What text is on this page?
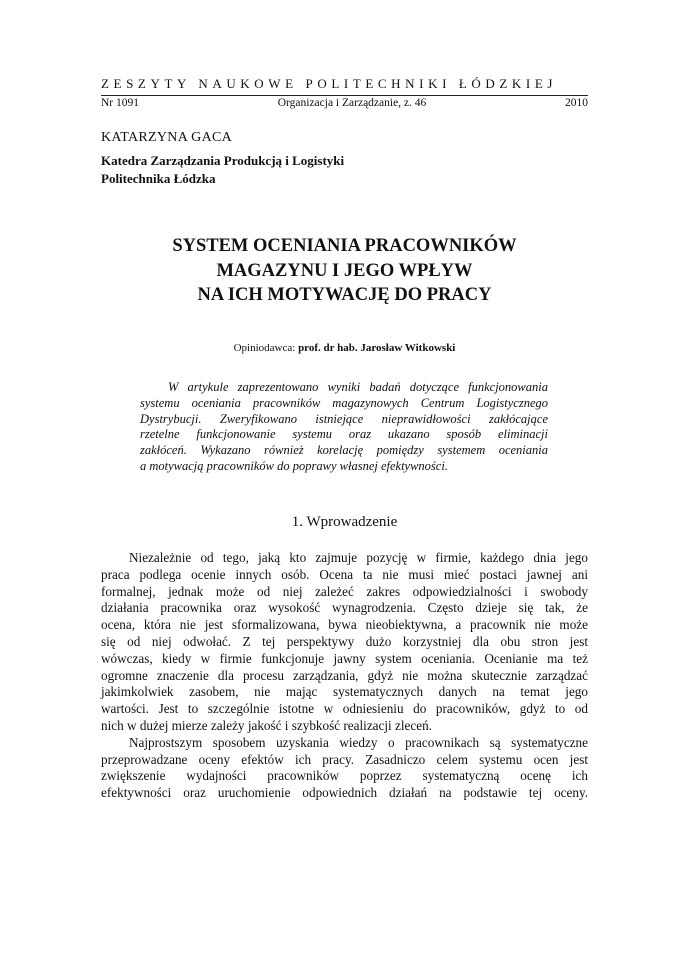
ZESZYTY NAUKOWE POLITECHNIKI ŁÓDZKIEJ
Nr 1091	Organizacja i Zarządzanie, z. 46	2010
KATARZYNA GACA
Katedra Zarządzania Produkcją i Logistyki
Politechnika Łódzka
SYSTEM OCENIANIA PRACOWNIKÓW
MAGAZYNU I JEGO WPŁYW
NA ICH MOTYWACJĘ DO PRACY
Opiniodawca: prof. dr hab. Jarosław Witkowski
W artykule zaprezentowano wyniki badań dotyczące funkcjonowania
systemu oceniania pracowników magazynowych Centrum Logistycznego
Dystrybucji. Zweryfikowano istniejące nieprawidłowości zakłócające
rzetelne funkcjonowanie systemu oraz ukazano sposób eliminacji
zakłóceń. Wykazano również korelację pomiędzy systemem oceniania
a motywacją pracowników do poprawy własnej efektywności.
1. Wprowadzenie
Niezależnie od tego, jaką kto zajmuje pozycję w firmie, każdego dnia jego
praca podlega ocenie innych osób. Ocena ta nie musi mieć postaci jawnej ani
formalnej, jednak może od niej zależeć zakres odpowiedzialności i swobody
działania pracownika oraz wysokość wynagrodzenia. Często dzieje się tak, że
ocena, która nie jest sformalizowana, bywa nieobiektywna, a pracownik nie może
się od niej odwołać. Z tej perspektywy dużo korzystniej dla obu stron jest
wówczas, kiedy w firmie funkcjonuje jawny system oceniania. Ocenianie ma też
ogromne znaczenie dla procesu zarządzania, gdyż nie można skutecznie zarządzać
jakimkolwiek zasobem, nie mając systematycznych danych na temat jego
wartości. Jest to szczególnie istotne w odniesieniu do pracowników, gdyż to od
nich w dużej mierze zależy jakość i szybkość realizacji zleceń.
Najprostszym sposobem uzyskania wiedzy o pracownikach są systematyczne
przeprowadzane oceny efektów ich pracy. Zasadniczo celem systemu ocen jest
zwiększenie wydajności pracowników poprzez systematyczną ocenę ich
efektywności oraz uruchomienie odpowiednich działań na podstawie tej oceny.
